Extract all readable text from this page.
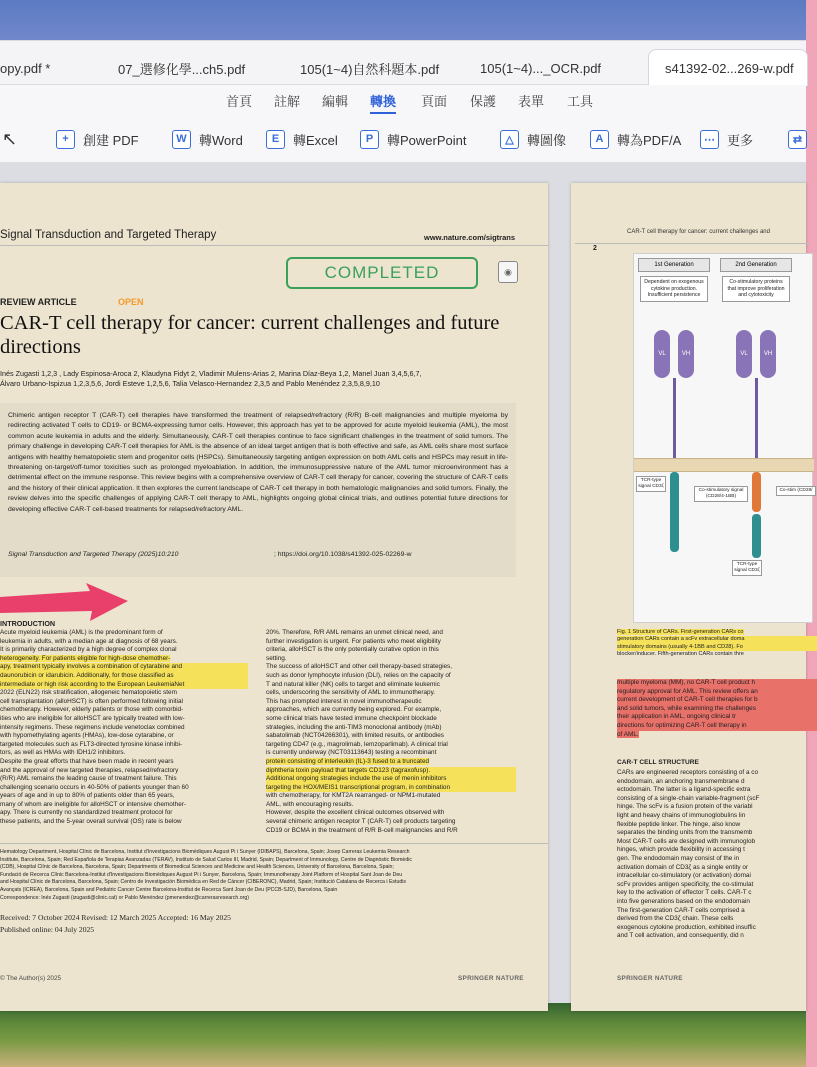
opy.pdf *	07_選修化學...ch5.pdf	105(1~4)自然科題本.pdf	105(1~4)..._OCR.pdf	s41392-02...269-w.pdf
首頁 註解 編輯 轉換 頁面 保護 表單 工具
↖	+	創建 PDF	W 轉Word	E	轉Excel	P	轉PowerPoint	△	轉圖像	A	轉為PDF/A	⋯ 更多	⇄
Signal Transduction and Targeted Therapy	www.nature.com/sigtrans
COMPLETED	◉
REVIEW ARTICLE	OPEN
CAR-T cell therapy for cancer: current challenges and future directions
Inés Zugasti 1,2,3 , Lady Espinosa-Aroca 2, Klaudyna Fidyt 2, Vladimir Mulens-Arias 2, Marina Díaz-Beya 1,2, Manel Juan 3,4,5,6,7,
Álvaro Urbano-Ispizua 1,2,3,5,6, Jordi Esteve 1,2,5,6, Talia Velasco-Hernandez 2,3,5 and Pablo Menéndez 2,3,5,8,9,10
Chimeric antigen receptor T (CAR-T) cell therapies have transformed the treatment of relapsed/refractory (R/R) B-cell malignancies and multiple myeloma by redirecting activated T cells to CD19- or BCMA-expressing tumor cells. However, this approach has yet to be approved for acute myeloid leukemia (AML), the most common acute leukemia in adults and the elderly. Simultaneously, CAR-T cell therapies continue to face significant challenges in the treatment of solid tumors. The primary challenge in developing CAR-T cell therapies for AML is the absence of an ideal target antigen that is both effective and safe, as AML cells share most surface antigens with healthy hematopoietic stem and progenitor cells (HSPCs). Simultaneously targeting antigen expression on both AML cells and HSPCs may result in life-threatening on-target/off-tumor toxicities such as prolonged myeloablation. In addition, the immunosuppressive nature of the AML tumor microenvironment has a detrimental effect on the immune response. This review begins with a comprehensive overview of CAR-T cell therapy for cancer, covering the structure of CAR-T cells and the history of their clinical application. It then explores the current landscape of CAR-T cell therapy in both hematologic malignancies and solid tumors. Finally, the review delves into the specific challenges of applying CAR-T cell therapy to AML, highlights ongoing global clinical trials, and outlines potential future directions for developing effective CAR-T cell-based treatments for relapsed/refractory AML.
Signal Transduction and Targeted Therapy (2025)10:210	; https://doi.org/10.1038/s41392-025-02269-w
INTRODUCTION
Acute myeloid leukemia (AML) is the predominant form of
leukemia in adults, with a median age at diagnosis of 68 years.
It is primarily characterized by a high degree of complex clonal
heterogeneity. For patients eligible for high-dose chemother-
apy, treatment typically involves a combination of cytarabine and
daunorubicin or idarubicin. Additionally, for those classified as
intermediate or high risk according to the European LeukemiaNet
2022 (ELN22) risk stratification, allogeneic hematopoietic stem
cell transplantation (alloHSCT) is often performed following initial
chemotherapy. However, elderly patients or those with comorbid-
ities who are ineligible for alloHSCT are typically treated with low-
intensity regimens. These regimens include venetoclax combined
with hypomethylating agents (HMAs), low-dose cytarabine, or
targeted molecules such as FLT3-directed tyrosine kinase inhibi-
tors, as well as HMAs with IDH1/2 inhibitors.
Despite the great efforts that have been made in recent years
and the approval of new targeted therapies, relapsed/refractory
(R/R) AML remains the leading cause of treatment failure. This
challenging scenario occurs in 40-50% of patients younger than 60
years of age and in up to 80% of patients older than 65 years,
many of whom are ineligible for alloHSCT or intensive chemother-
apy. There is currently no standardized treatment protocol for
these patients, and the 5-year overall survival (OS) rate is below
20%. Therefore, R/R AML remains an unmet clinical need, and
further investigation is urgent. For patients who meet eligibility
criteria, alloHSCT is the only potentially curative option in this
setting.
The success of alloHSCT and other cell therapy-based strategies,
such as donor lymphocyte infusion (DLI), relies on the capacity of
T and natural killer (NK) cells to target and eliminate leukemic
cells, underscoring the sensitivity of AML to immunotherapy.
This has prompted interest in novel immunotherapeutic
approaches, which are currently being explored. For example,
some clinical trials have tested immune checkpoint blockade
strategies, including the anti-TIM3 monoclonal antibody (mAb)
sabatolimab (NCT04266301), with limited results, or antibodies
targeting CD47 (e.g., magrolimab, lemzoparlimab). A clinical trial
is currently underway (NCT03113643) testing a recombinant
protein consisting of interleukin (IL)-3 fused to a truncated
diphtheria toxin payload that targets CD123 (tagraxofusp).
Additional ongoing strategies include the use of menin inhibitors
targeting the HOX/MEIS1 transcriptional program, in combination
with chemotherapy, for KMT2A rearranged- or NPM1-mutated
AML, with encouraging results.
However, despite the excellent clinical outcomes observed with
several chimeric antigen receptor T (CAR-T) cell products targeting
CD19 or BCMA in the treatment of R/R B-cell malignancies and R/R
Hematology Department, Hospital Clínic de Barcelona, Institut d'Investigacions Biomèdiques August Pi i Sunyer (IDIBAPS), Barcelona, Spain; Josep Carreras Leukemia Research
Institute, Barcelona, Spain; Red Española de Terapias Avanzadas (TERAV), Instituto de Salud Carlos III, Madrid, Spain; Department of Immunology, Centre de Diagnòstic Biomèdic
(CDB), Hospital Clínic de Barcelona, Barcelona, Spain; Departments of Biomedical Sciences and Medicine and Health Sciences, University of Barcelona, Barcelona, Spain;
Fundació de Recerca Clínic Barcelona-Institut d'Investigacions Biomèdiques August Pi i Sunyer, Barcelona, Spain; Immunotherapy Joint Platform of Hospital Sant Joan de Deu
and Hospital Clínic de Barcelona, Barcelona, Spain; Centro de Investigación Biomédica en Red de Cáncer (CIBERONC), Madrid, Spain; Institució Catalana de Recerca i Estudis
Avançats (ICREA), Barcelona, Spain and Pediatric Cancer Centre Barcelona-Institut de Recerca Sant Joan de Deu (PCCB-SJD), Barcelona, Spain
Correspondence: Inés Zugasti (izugasti@clinic.cat) or Pablo Menéndez (pmenendez@carrerasresearch.org)
Received: 7 October 2024 Revised: 12 March 2025 Accepted: 16 May 2025
Published online: 04 July 2025
© The Author(s) 2025	SPRINGER NATURE
CAR-T cell therapy for cancer: current challenges and
2
1st Generation	2nd Generation
Dependent on exogenous cytokine production. Insufficient persistence
Co-stimulatory proteins that improve proliferation and cytotoxicity
VL	VH	VL	VH
TCR-type signal CD3ζ
Co-stimulatory signal (CD28/4-1BB)
Co-stim (CD28/
TCR-type signal CD3ζ
Fig. 1 Structure of CARs. First-generation CARs co
generation CARs contain a scFv extracellular doma
stimulatory domains (usually 4-1BB and CD28). Fo
blocker/inducer. Fifth-generation CARs contain thre
multiple myeloma (MM), no CAR-T cell product h
regulatory approval for AML. This review offers an
current development of CAR-T cell therapies for b
and solid tumors, while examining the challenges
their application in AML, ongoing clinical tr
directions for optimizing CAR-T cell therapy in
of AML.
CAR-T CELL STRUCTURE
CARs are engineered receptors consisting of a co
endodomain, an anchoring transmembrane d
ectodomain. The latter is a ligand-specific extra
consisting of a single-chain variable-fragment (scF
hinge. The scFv is a fusion protein of the variabl
light and heavy chains of immunoglobulins lin
flexible peptide linker. The hinge, also know
separates the binding units from the transmemb
Most CAR-T cells are designed with immunoglob
hinges, which provide flexibility in accessing t
gen. The endodomain may consist of the in
activation domain of CD3ζ as a single entity or
intracellular co-stimulatory (or activation) domai
scFv provides antigen specificity, the co-stimulat
key to the activation of effector T cells. CAR-T c
into five generations based on the endodomain
The first-generation CAR-T cells comprised a
derived from the CD3ζ chain. These cells
exogenous cytokine production, exhibited insuffic
and T cell activation, and consequently, did n
SPRINGER NATURE
